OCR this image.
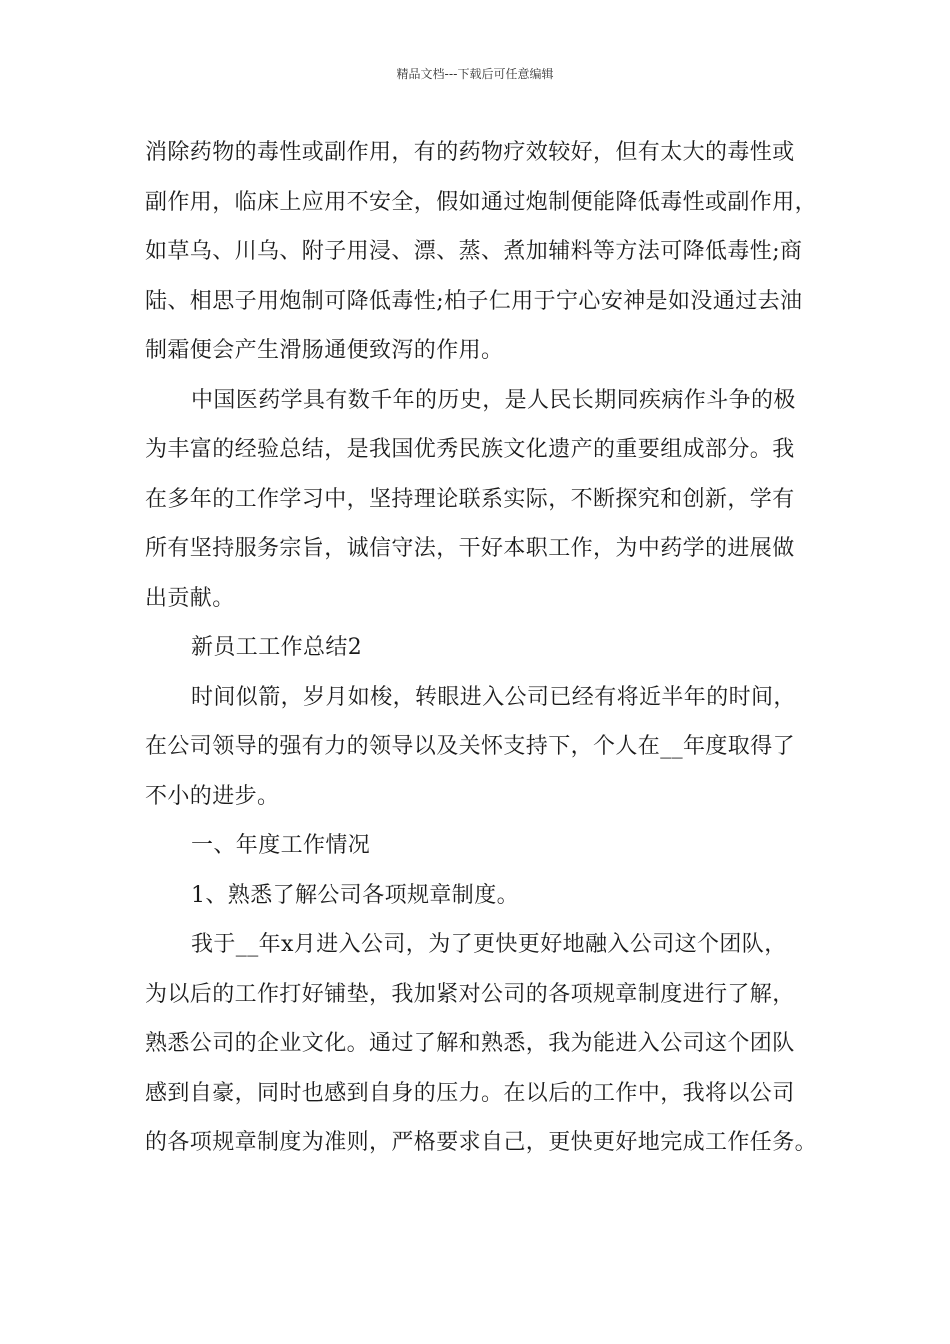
精品文档---下载后可任意编辑
消除药物的毒性或副作用，有的药物疗效较好，但有太大的毒性或
副作用，临床上应用不安全，假如通过炮制便能降低毒性或副作用，
如草乌、川乌、附子用浸、漂、蒸、煮加辅料等方法可降低毒性;商
陆、相思子用炮制可降低毒性;柏子仁用于宁心安神是如没通过去油
制霜便会产生滑肠通便致泻的作用。
中国医药学具有数千年的历史，是人民长期同疾病作斗争的极
为丰富的经验总结，是我国优秀民族文化遗产的重要组成部分。我
在多年的工作学习中，坚持理论联系实际，不断探究和创新，学有
所有坚持服务宗旨，诚信守法，干好本职工作，为中药学的进展做
出贡献。
新员工工作总结2
时间似箭，岁月如梭，转眼进入公司已经有将近半年的时间，
在公司领导的强有力的领导以及关怀支持下，个人在__年度取得了
不小的进步。
一、年度工作情况
1、熟悉了解公司各项规章制度。
我于__年x月进入公司，为了更快更好地融入公司这个团队，
为以后的工作打好铺垫，我加紧对公司的各项规章制度进行了解，
熟悉公司的企业文化。通过了解和熟悉，我为能进入公司这个团队
感到自豪，同时也感到自身的压力。在以后的工作中，我将以公司
的各项规章制度为准则，严格要求自己，更快更好地完成工作任务。
